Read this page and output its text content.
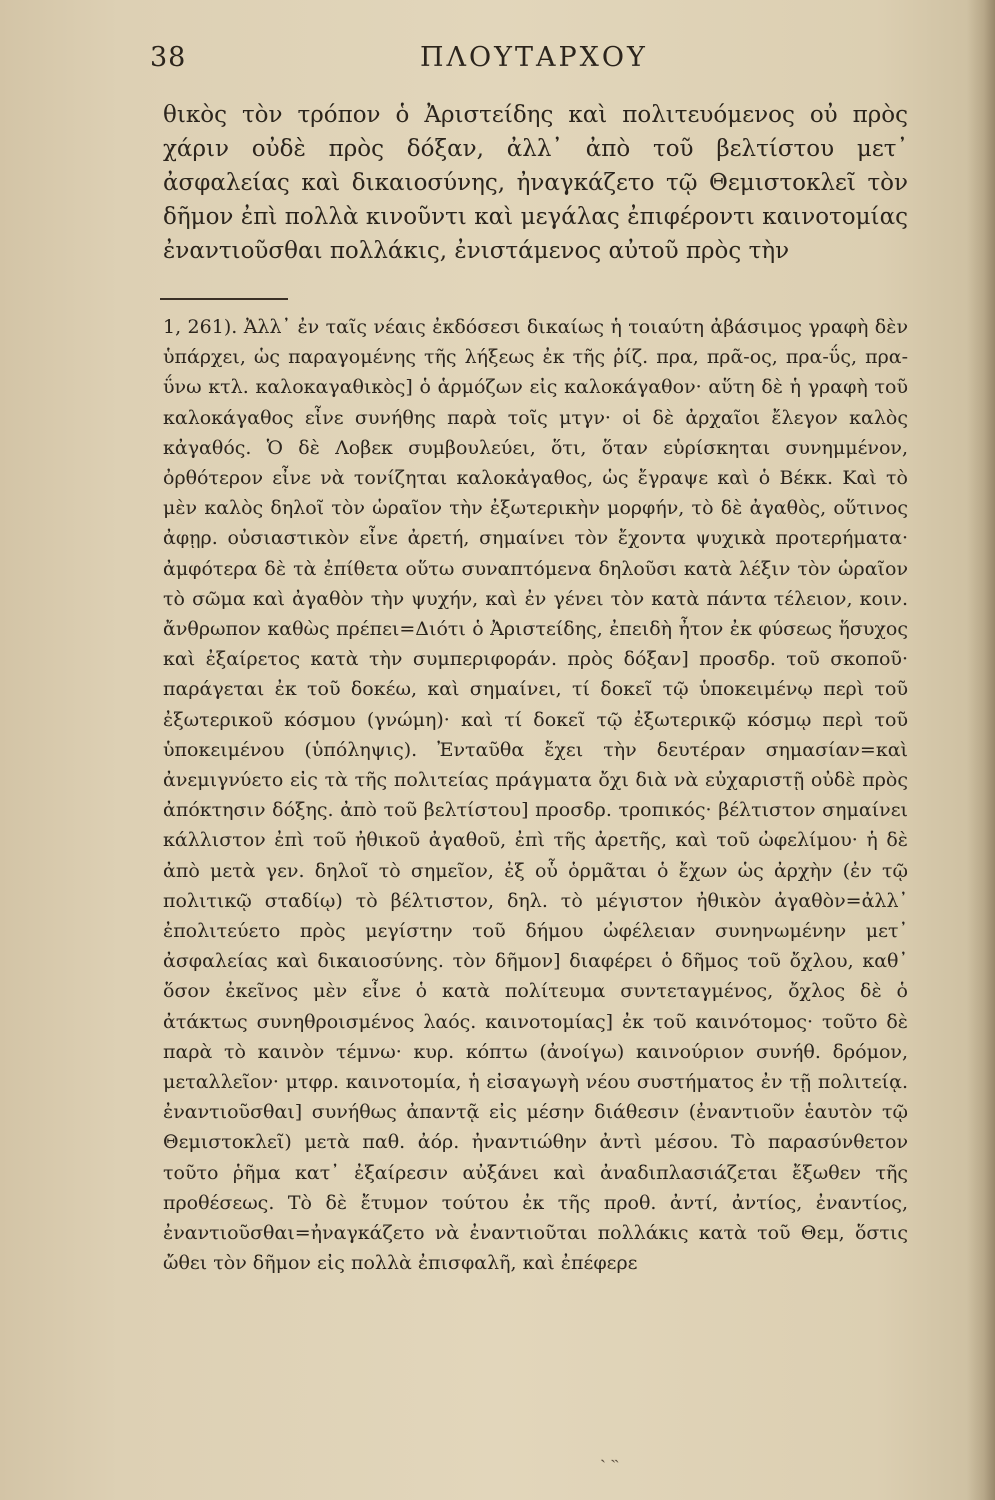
38	ΠΛΟΥΤΑΡΧΟΥ

θικὸς τὸν τρόπον ὁ Ἀριστείδης καὶ πολιτευόμενος οὐ πρὸς χάριν οὐδὲ πρὸς δόξαν, ἀλλ᾽ ἀπὸ τοῦ βελτίστου μετ᾽ ἀσφαλείας καὶ δικαιοσύνης, ἠναγκάζετο τῷ Θεμιστοκλεῖ τὸν δῆμον ἐπὶ πολλὰ κινοῦντι καὶ μεγάλας ἐπιφέροντι καινοτομίας ἐναντιοῦσθαι πολλάκις, ἐνιστάμενος αὐτοῦ πρὸς τὴν

1, 261). Ἀλλ᾽ ἐν ταῖς νέαις ἐκδόσεσι δικαίως ἡ τοιαύτη ἀβάσιμος γραφὴ δὲν ὑπάρχει, ὡς παραγομένης τῆς λήξεως ἐκ τῆς ῥίζ. πρα, πρᾶ-ος, πρα-ΰς, πρα-ΰνω κτλ. καλοκαγαθικὸς] ὁ ἁρμόζων εἰς καλοκάγαθον· αὕτη δὲ ἡ γραφὴ τοῦ καλοκάγαθος εἶνε συνήθης παρὰ τοῖς μτγν· οἱ δὲ ἀρχαῖοι ἔλεγον καλὸς κἀγαθός. Ὁ δὲ Λοβεκ συμβουλεύει, ὅτι, ὅταν εὑρίσκηται συνημμένον, ὀρθότερον εἶνε νὰ τονίζηται καλοκἀγαθος, ὡς ἔγραψε καὶ ὁ Βέκκ. Καὶ τὸ μὲν καλὸς δηλοῖ τὸν ὡραῖον τὴν ἐξωτερικὴν μορφήν, τὸ δὲ ἀγαθὸς, οὕτινος ἀφῃρ. οὐσιαστικὸν εἶνε ἀρετή, σημαίνει τὸν ἔχοντα ψυχικὰ προτερήματα· ἀμφότερα δὲ τὰ ἐπίθετα οὕτω συναπτόμενα δηλοῦσι κατὰ λέξιν τὸν ὡραῖον τὸ σῶμα καὶ ἀγαθὸν τὴν ψυχήν, καὶ ἐν γένει τὸν κατὰ πάντα τέλειον, κοιν. ἄνθρωπον καθὼς πρέπει=Διότι ὁ Ἀριστείδης, ἐπειδὴ ἦτον ἐκ φύσεως ἥσυχος καὶ ἐξαίρετος κατὰ τὴν συμπεριφοράν. πρὸς δόξαν] προσδρ. τοῦ σκοποῦ· παράγεται ἐκ τοῦ δοκέω, καὶ σημαίνει, τί δοκεῖ τῷ ὑποκειμένῳ περὶ τοῦ ἐξωτερικοῦ κόσμου (γνώμη)· καὶ τί δοκεῖ τῷ ἐξωτερικῷ κόσμῳ περὶ τοῦ ὑποκειμένου (ὑπόληψις). Ἐνταῦθα ἔχει τὴν δευτέραν σημασίαν=καὶ ἀνεμιγνύετο εἰς τὰ τῆς πολιτείας πράγματα ὄχι διὰ νὰ εὐχαριστῇ οὐδὲ πρὸς ἀπόκτησιν δόξης. ἀπὸ τοῦ βελτίστου] προσδρ. τροπικός· βέλτιστον σημαίνει κάλλιστον ἐπὶ τοῦ ἠθικοῦ ἀγαθοῦ, ἐπὶ τῆς ἀρετῆς, καὶ τοῦ ὠφελίμου· ἡ δὲ ἀπὸ μετὰ γεν. δηλοῖ τὸ σημεῖον, ἐξ οὗ ὁρμᾶται ὁ ἔχων ὡς ἀρχὴν (ἐν τῷ πολιτικῷ σταδίῳ) τὸ βέλτιστον, δηλ. τὸ μέγιστον ἠθικὸν ἀγαθὸν=ἀλλ᾽ ἐπολιτεύετο πρὸς μεγίστην τοῦ δήμου ὠφέλειαν συνηνωμένην μετ᾽ ἀσφαλείας καὶ δικαιοσύνης. τὸν δῆμον] διαφέρει ὁ δῆμος τοῦ ὄχλου, καθ᾽ ὅσον ἐκεῖνος μὲν εἶνε ὁ κατὰ πολίτευμα συντεταγμένος, ὄχλος δὲ ὁ ἀτάκτως συνηθροισμένος λαός. καινοτομίας] ἐκ τοῦ καινότομος· τοῦτο δὲ παρὰ τὸ καινὸν τέμνω· κυρ. κόπτω (ἀνοίγω) καινούριον συνήθ. δρόμον, μεταλλεῖον· μτφρ. καινοτομία, ἡ εἰσαγωγὴ νέου συστήματος ἐν τῇ πολιτείᾳ. ἐναντιοῦσθαι] συνήθως ἀπαντᾷ εἰς μέσην διάθεσιν (ἐναντιοῦν ἑαυτὸν τῷ Θεμιστοκλεῖ) μετὰ παθ. ἀόρ. ἠναντιώθην ἀντὶ μέσου. Τὸ παρασύνθετον τοῦτο ῥῆμα κατ᾽ ἐξαίρεσιν αὐξάνει καὶ ἀναδιπλασιάζεται ἔξωθεν τῆς προθέσεως. Τὸ δὲ ἔτυμον τούτου ἐκ τῆς προθ. ἀντί, ἀντίος, ἐναντίος, ἐναντιοῦσθαι=ἠναγκάζετο νὰ ἐναντιοῦται πολλάκις κατὰ τοῦ Θεμ, ὅστις ὤθει τὸν δῆμον εἰς πολλὰ ἐπισφαλῆ, καὶ ἐπέφερε

˴ ˵
